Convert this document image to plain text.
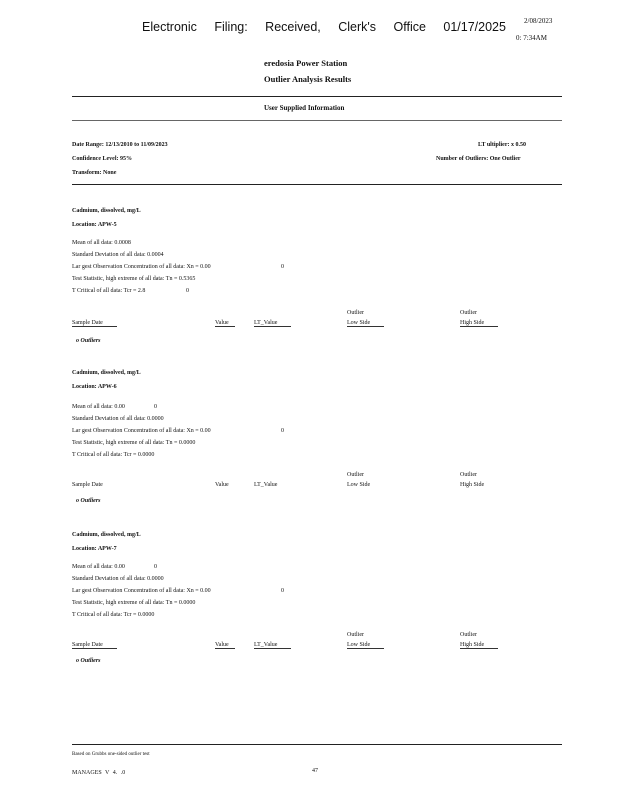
Electronic Filing: Received, Clerk's Office 01/17/2025	2/08/2023
0: 7:34AM
eredosia Power Station
Outlier Analysis Results
User Supplied Information
Date Range: 12/13/2010 to 11/09/2023
Confidence Level: 95%
Transform: None
LT ultiplier: x 0.50
Number of Outliers: One Outlier
Cadmium, dissolved, mg/L
Location: APW-5
Mean of all data: 0.0008
Standard Deviation of all data: 0.0004
Lar gest Observation Concentration of all data: Xn = 0.00	0
Test Statistic, high extreme of all data: Tn = 0.5365
T Critical of all data: Tcr = 2.8	0
Outlier	Outlier
Sample Date	Value	LT_Value	Low Side	High Side
o Outliers
Cadmium, dissolved, mg/L
Location: APW-6
Mean of all data: 0.00	0
Standard Deviation of all data: 0.0000
Lar gest Observation Concentration of all data: Xn = 0.00	0
Test Statistic, high extreme of all data: Tn = 0.0000
T Critical of all data: Tcr = 0.0000
Outlier	Outlier
Sample Date	Value	LT_Value	Low Side	High Side
o Outliers
Cadmium, dissolved, mg/L
Location: APW-7
Mean of all data: 0.00	0
Standard Deviation of all data: 0.0000
Lar gest Observation Concentration of all data: Xn = 0.00	0
Test Statistic, high extreme of all data: Tn = 0.0000
T Critical of all data: Tcr = 0.0000
Outlier	Outlier
Sample Date	Value	LT_Value	Low Side	High Side
o Outliers
Based on Grubbs one-sided outlier test
MANAGES V 4. .0	47
